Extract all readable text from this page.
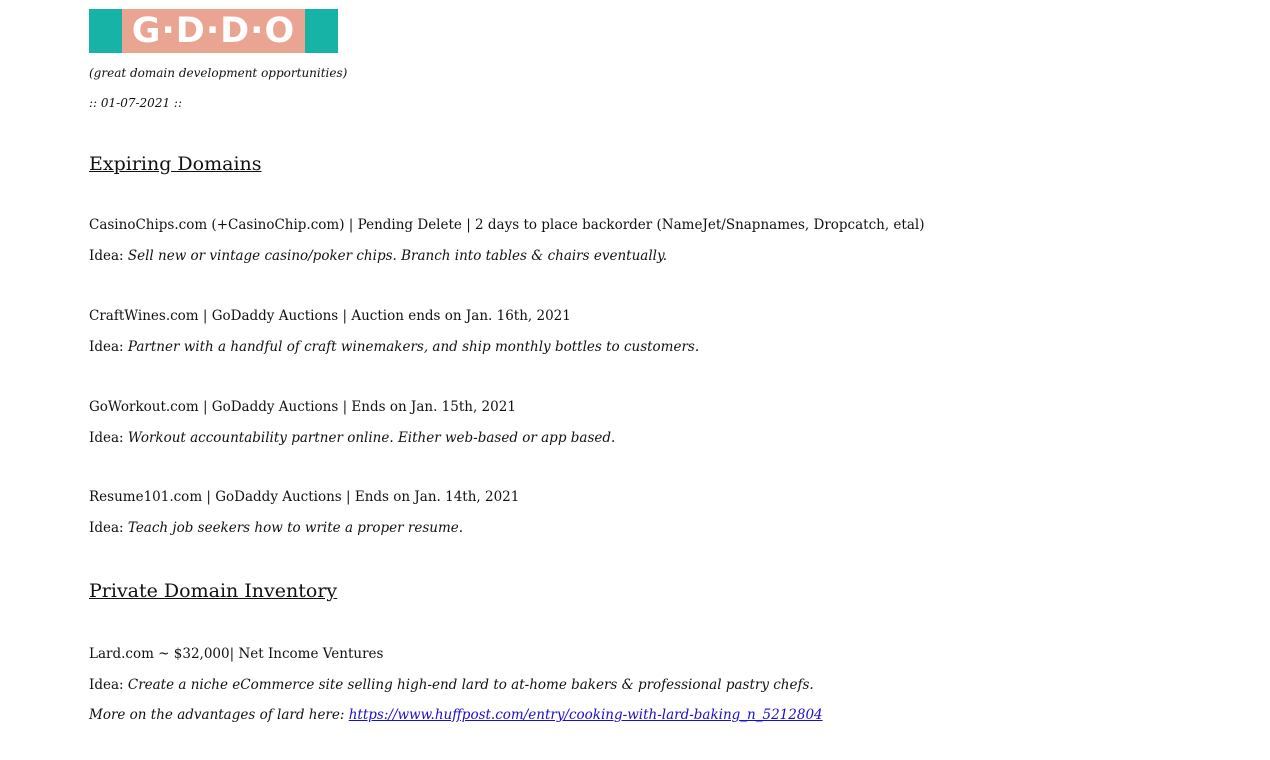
G·D·D·O
(great domain development opportunities)
:: 01-07-2021 ::
Expiring Domains
CasinoChips.com (+CasinoChip.com) | Pending Delete | 2 days to place backorder (NameJet/Snapnames, Dropcatch, etal)
Idea: Sell new or vintage casino/poker chips. Branch into tables & chairs eventually.
CraftWines.com | GoDaddy Auctions | Auction ends on Jan. 16th, 2021
Idea: Partner with a handful of craft winemakers, and ship monthly bottles to customers.
GoWorkout.com | GoDaddy Auctions | Ends on Jan. 15th, 2021
Idea: Workout accountability partner online. Either web-based or app based.
Resume101.com | GoDaddy Auctions | Ends on Jan. 14th, 2021
Idea: Teach job seekers how to write a proper resume.
Private Domain Inventory
Lard.com ~ $32,000| Net Income Ventures
Idea: Create a niche eCommerce site selling high-end lard to at-home bakers & professional pastry chefs.
More on the advantages of lard here: https://www.huffpost.com/entry/cooking-with-lard-baking_n_5212804
